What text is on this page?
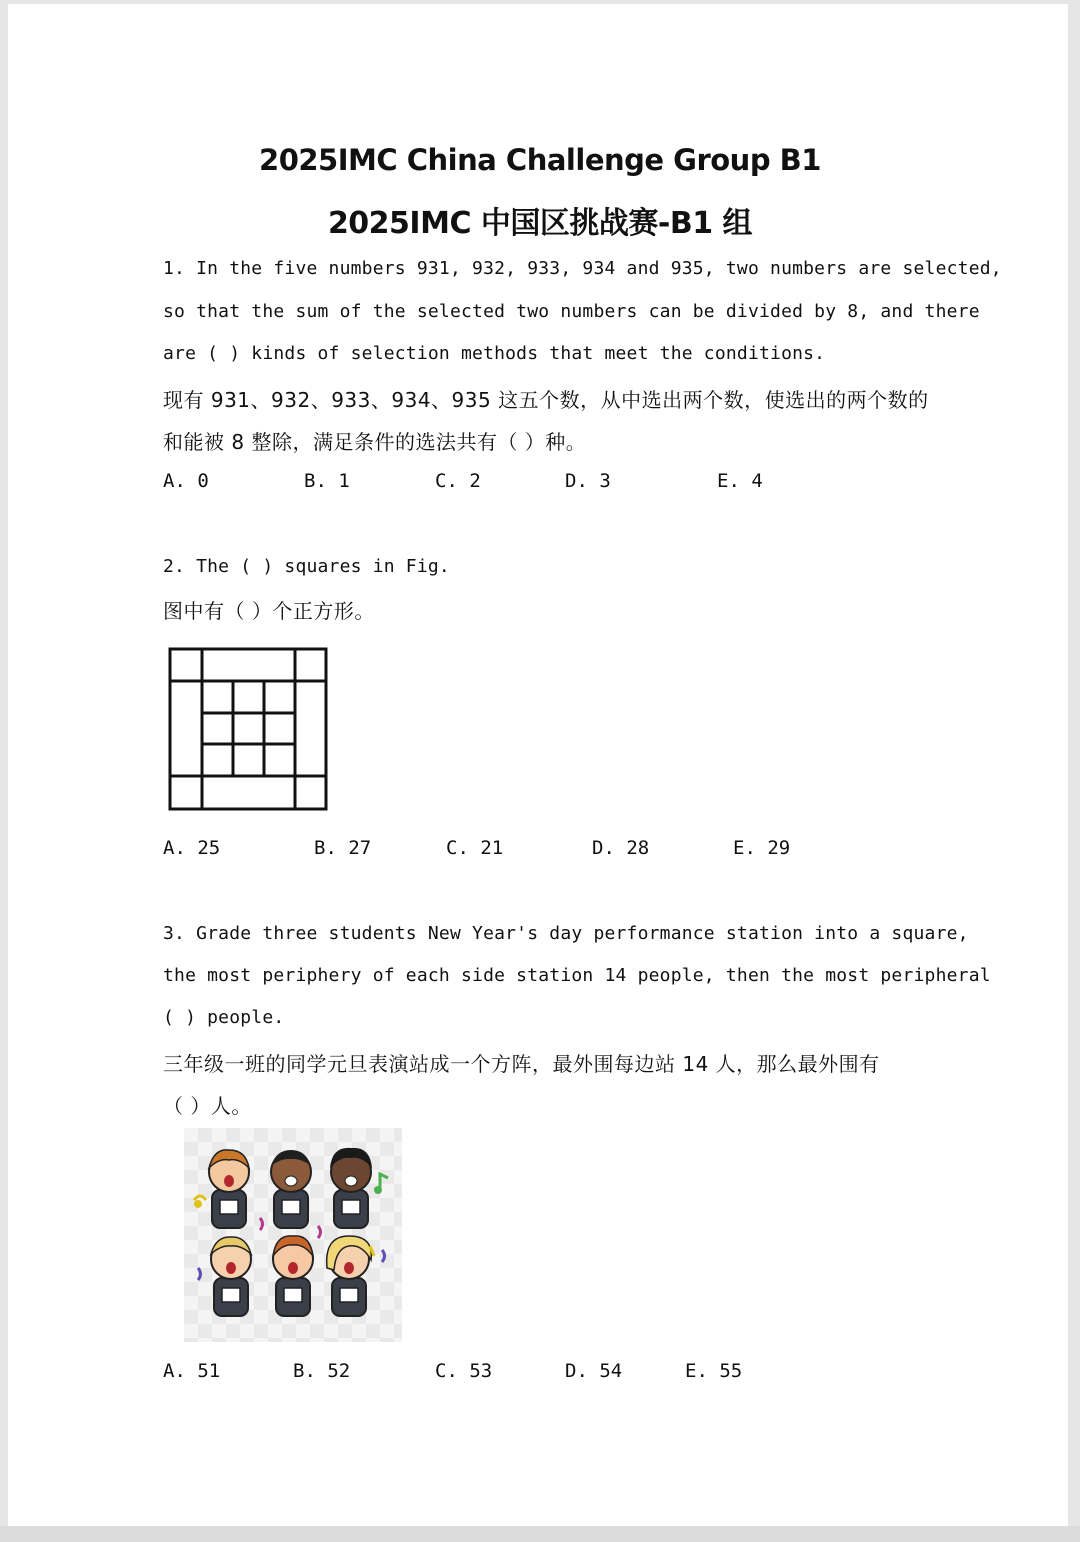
2025IMC China Challenge Group B1
2025IMC 中国区挑战赛-B1 组
1. In the five numbers 931, 932, 933, 934 and 935, two numbers are selected,
so that the sum of the selected two numbers can be divided by 8, and there
are ( ) kinds of selection methods that meet the conditions.
现有 931、932、933、934、935 这五个数，从中选出两个数，使选出的两个数的
和能被 8 整除，满足条件的选法共有（ ）种。
A. 0	B. 1	C. 2	D. 3	E. 4
2. The ( ) squares in Fig.
图中有（ ）个正方形。
A. 25	B. 27	C. 21	D. 28	E. 29
3. Grade three students New Year's day performance station into a square,
the most periphery of each side station 14 people, then the most peripheral
( ) people.
三年级一班的同学元旦表演站成一个方阵，最外围每边站 14 人，那么最外围有
（ ）人。
A. 51	B. 52	C. 53	D. 54	E. 55
